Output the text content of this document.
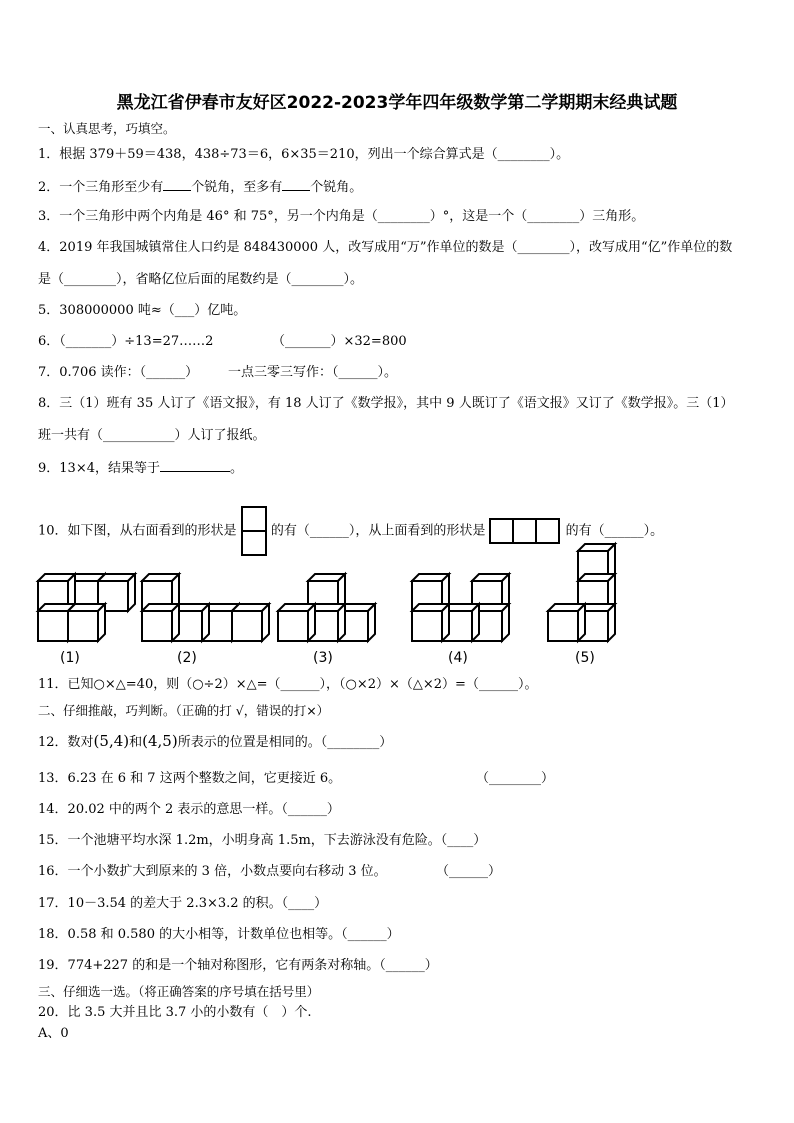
黑龙江省伊春市友好区2022-2023学年四年级数学第二学期期末经典试题
一、认真思考，巧填空。
1．根据 379＋59＝438，438÷73＝6，6×35＝210，列出一个综合算式是（________）。
2．一个三角形至少有 个锐角，至多有 个锐角。
3．一个三角形中两个内角是 46° 和 75°，另一个内角是（________）°，这是一个（________）三角形。
4．2019 年我国城镇常住人口约是 848430000 人，改写成用“万”作单位的数是（________），改写成用“亿”作单位的数
是（________），省略亿位后面的尾数约是（________）。
5．308000000 吨≈（___）亿吨。
6．（_______）÷13=27……2	（_______）×32=800
7．0.706 读作：（______） 一点三零三写作：（______）。
8．三（1）班有 35 人订了《语文报》，有 18 人订了《数学报》，其中 9 人既订了《语文报》又订了《数学报》。三（1）
班一共有（___________）人订了报纸。
9．13×4，结果等于	。
10．如下图，从右面看到的形状是	的有（______），从上面看到的形状是	的有（______）。
(1)	(2)	(3)	(4)	(5)
11．已知○×△=40，则（○÷2）×△=（______），（○×2）×（△×2）=（______）。
二、仔细推敲，巧判断。（正确的打 √，错误的打×）
12．数对(5,4)和(4,5)所表示的位置是相同的。（________）
13．6.23 在 6 和 7 这两个整数之间，它更接近 6。	（________）
14．20.02 中的两个 2 表示的意思一样。（______）
15．一个池塘平均水深 1.2m，小明身高 1.5m，下去游泳没有危险。（____）
16．一个小数扩大到原来的 3 倍，小数点要向右移动 3 位。	（______）
17．10－3.54 的差大于 2.3×3.2 的积。（____）
18．0.58 和 0.580 的大小相等，计数单位也相等。（______）
19．774+227 的和是一个轴对称图形，它有两条对称轴。（______）
三、仔细选一选。（将正确答案的序号填在括号里）
20．比 3.5 大并且比 3.7 小的小数有（　）个.
A、0
